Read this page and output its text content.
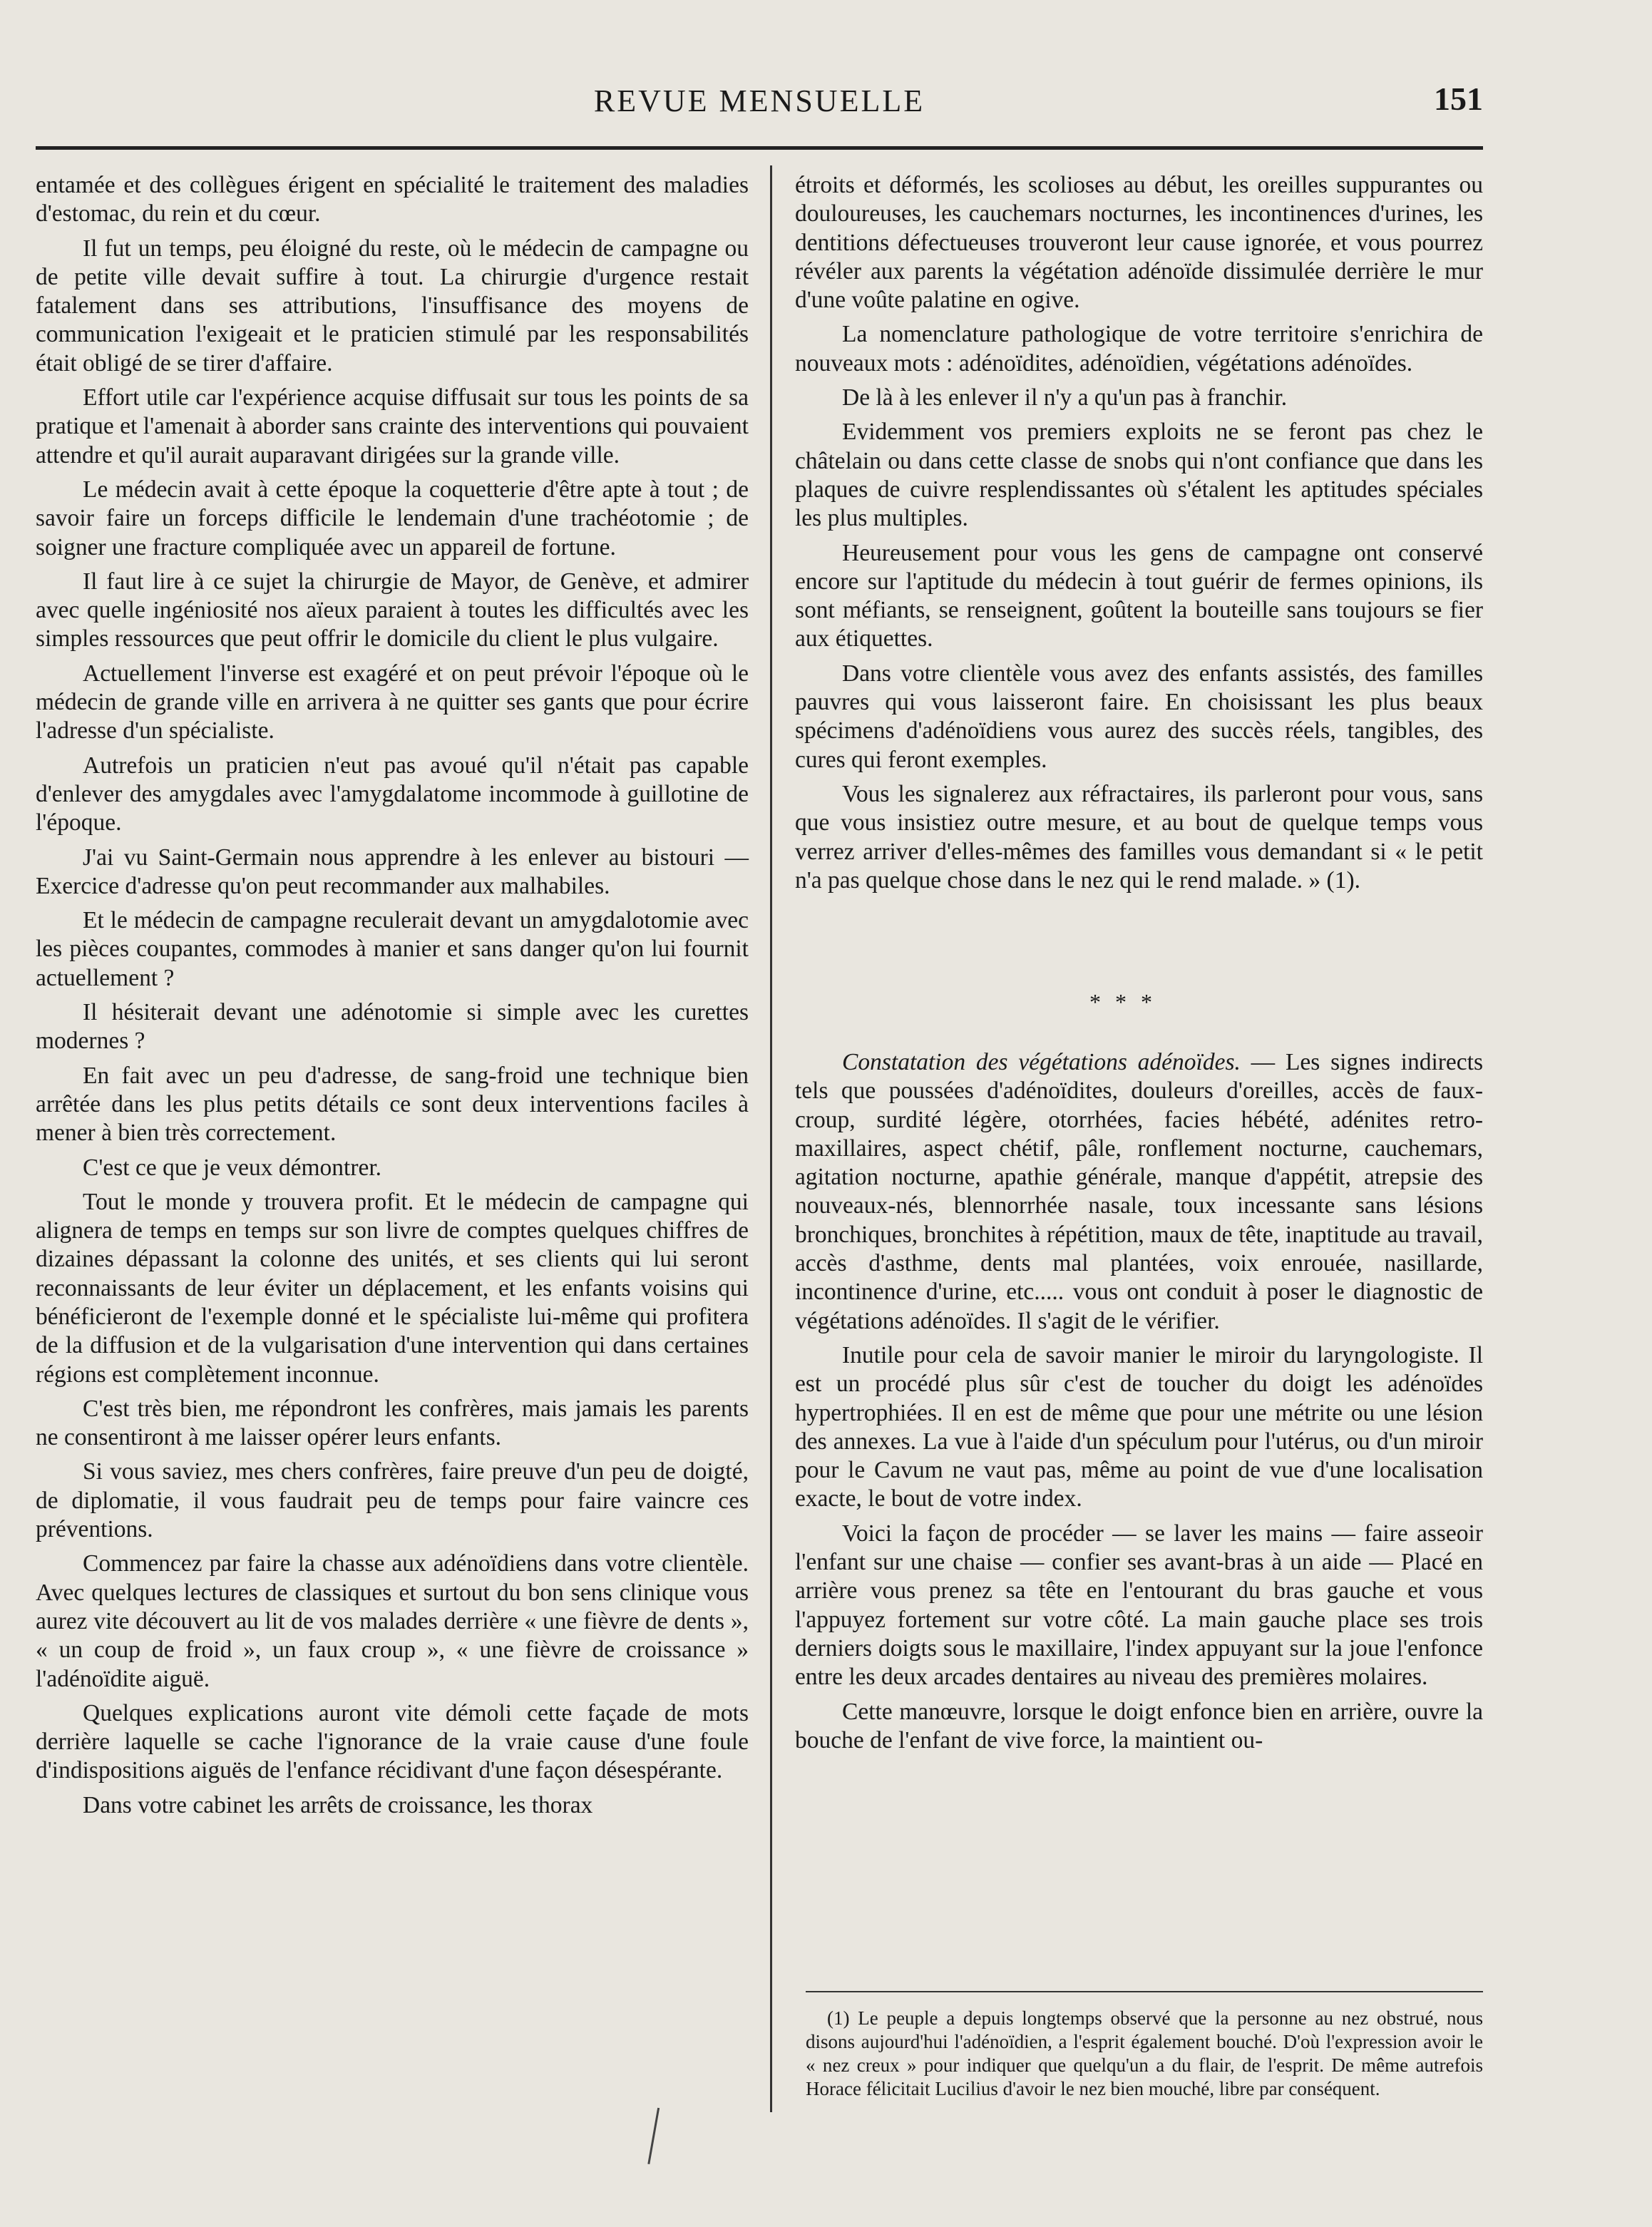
REVUE MENSUELLE	151

entamée et des collègues érigent en spécialité le traitement des maladies d'estomac, du rein et du cœur.

Il fut un temps, peu éloigné du reste, où le médecin de campagne ou de petite ville devait suffire à tout. La chirurgie d'urgence restait fatalement dans ses attributions, l'insuffisance des moyens de communication l'exigeait et le praticien stimulé par les responsabilités était obligé de se tirer d'affaire.

Effort utile car l'expérience acquise diffusait sur tous les points de sa pratique et l'amenait à aborder sans crainte des interventions qui pouvaient attendre et qu'il aurait auparavant dirigées sur la grande ville.

Le médecin avait à cette époque la coquetterie d'être apte à tout ; de savoir faire un forceps difficile le lendemain d'une trachéotomie ; de soigner une fracture compliquée avec un appareil de fortune.

Il faut lire à ce sujet la chirurgie de Mayor, de Genève, et admirer avec quelle ingéniosité nos aïeux paraient à toutes les difficultés avec les simples ressources que peut offrir le domicile du client le plus vulgaire.

Actuellement l'inverse est exagéré et on peut prévoir l'époque où le médecin de grande ville en arrivera à ne quitter ses gants que pour écrire l'adresse d'un spécialiste.

Autrefois un praticien n'eut pas avoué qu'il n'était pas capable d'enlever des amygdales avec l'amygdalatome incommode à guillotine de l'époque.

J'ai vu Saint-Germain nous apprendre à les enlever au bistouri — Exercice d'adresse qu'on peut recommander aux malhabiles.

Et le médecin de campagne reculerait devant un amygdalotomie avec les pièces coupantes, commodes à manier et sans danger qu'on lui fournit actuellement ?

Il hésiterait devant une adénotomie si simple avec les curettes modernes ?

En fait avec un peu d'adresse, de sang-froid une technique bien arrêtée dans les plus petits détails ce sont deux interventions faciles à mener à bien très correctement.

C'est ce que je veux démontrer.

Tout le monde y trouvera profit. Et le médecin de campagne qui alignera de temps en temps sur son livre de comptes quelques chiffres de dizaines dépassant la colonne des unités, et ses clients qui lui seront reconnaissants de leur éviter un déplacement, et les enfants voisins qui bénéficieront de l'exemple donné et le spécialiste lui-même qui profitera de la diffusion et de la vulgarisation d'une intervention qui dans certaines régions est complètement inconnue.

C'est très bien, me répondront les confrères, mais jamais les parents ne consentiront à me laisser opérer leurs enfants.

Si vous saviez, mes chers confrères, faire preuve d'un peu de doigté, de diplomatie, il vous faudrait peu de temps pour faire vaincre ces préventions.

Commencez par faire la chasse aux adénoïdiens dans votre clientèle. Avec quelques lectures de classiques et surtout du bon sens clinique vous aurez vite découvert au lit de vos malades derrière « une fièvre de dents », « un coup de froid », un faux croup », « une fièvre de croissance » l'adénoïdite aiguë.

Quelques explications auront vite démoli cette façade de mots derrière laquelle se cache l'ignorance de la vraie cause d'une foule d'indispositions aiguës de l'enfance récidivant d'une façon désespérante.

Dans votre cabinet les arrêts de croissance, les thorax

étroits et déformés, les scolioses au début, les oreilles suppurantes ou douloureuses, les cauchemars nocturnes, les incontinences d'urines, les dentitions défectueuses trouveront leur cause ignorée, et vous pourrez révéler aux parents la végétation adénoïde dissimulée derrière le mur d'une voûte palatine en ogive.

La nomenclature pathologique de votre territoire s'enrichira de nouveaux mots : adénoïdites, adénoïdien, végétations adénoïdes.

De là à les enlever il n'y a qu'un pas à franchir.

Evidemment vos premiers exploits ne se feront pas chez le châtelain ou dans cette classe de snobs qui n'ont confiance que dans les plaques de cuivre resplendissantes où s'étalent les aptitudes spéciales les plus multiples.

Heureusement pour vous les gens de campagne ont conservé encore sur l'aptitude du médecin à tout guérir de fermes opinions, ils sont méfiants, se renseignent, goûtent la bouteille sans toujours se fier aux étiquettes.

Dans votre clientèle vous avez des enfants assistés, des familles pauvres qui vous laisseront faire. En choisissant les plus beaux spécimens d'adénoïdiens vous aurez des succès réels, tangibles, des cures qui feront exemples.

Vous les signalerez aux réfractaires, ils parleront pour vous, sans que vous insistiez outre mesure, et au bout de quelque temps vous verrez arriver d'elles-mêmes des familles vous demandant si « le petit n'a pas quelque chose dans le nez qui le rend malade. » (1).

* * *

Constatation des végétations adénoïdes. — Les signes indirects tels que poussées d'adénoïdites, douleurs d'oreilles, accès de faux-croup, surdité légère, otorrhées, facies hébété, adénites retro-maxillaires, aspect chétif, pâle, ronflement nocturne, cauchemars, agitation nocturne, apathie générale, manque d'appétit, atrepsie des nouveaux-nés, blennorrhée nasale, toux incessante sans lésions bronchiques, bronchites à répétition, maux de tête, inaptitude au travail, accès d'asthme, dents mal plantées, voix enrouée, nasillarde, incontinence d'urine, etc..... vous ont conduit à poser le diagnostic de végétations adénoïdes. Il s'agit de le vérifier.

Inutile pour cela de savoir manier le miroir du laryngologiste. Il est un procédé plus sûr c'est de toucher du doigt les adénoïdes hypertrophiées. Il en est de même que pour une métrite ou une lésion des annexes. La vue à l'aide d'un spéculum pour l'utérus, ou d'un miroir pour le Cavum ne vaut pas, même au point de vue d'une localisation exacte, le bout de votre index.

Voici la façon de procéder — se laver les mains — faire asseoir l'enfant sur une chaise — confier ses avant-bras à un aide — Placé en arrière vous prenez sa tête en l'entourant du bras gauche et vous l'appuyez fortement sur votre côté. La main gauche place ses trois derniers doigts sous le maxillaire, l'index appuyant sur la joue l'enfonce entre les deux arcades dentaires au niveau des premières molaires.

Cette manœuvre, lorsque le doigt enfonce bien en arrière, ouvre la bouche de l'enfant de vive force, la maintient ou-

(1) Le peuple a depuis longtemps observé que la personne au nez obstrué, nous disons aujourd'hui l'adénoïdien, a l'esprit également bouché. D'où l'expression avoir le « nez creux » pour indiquer que quelqu'un a du flair, de l'esprit. De même autrefois Horace félicitait Lucilius d'avoir le nez bien mouché, libre par conséquent.
